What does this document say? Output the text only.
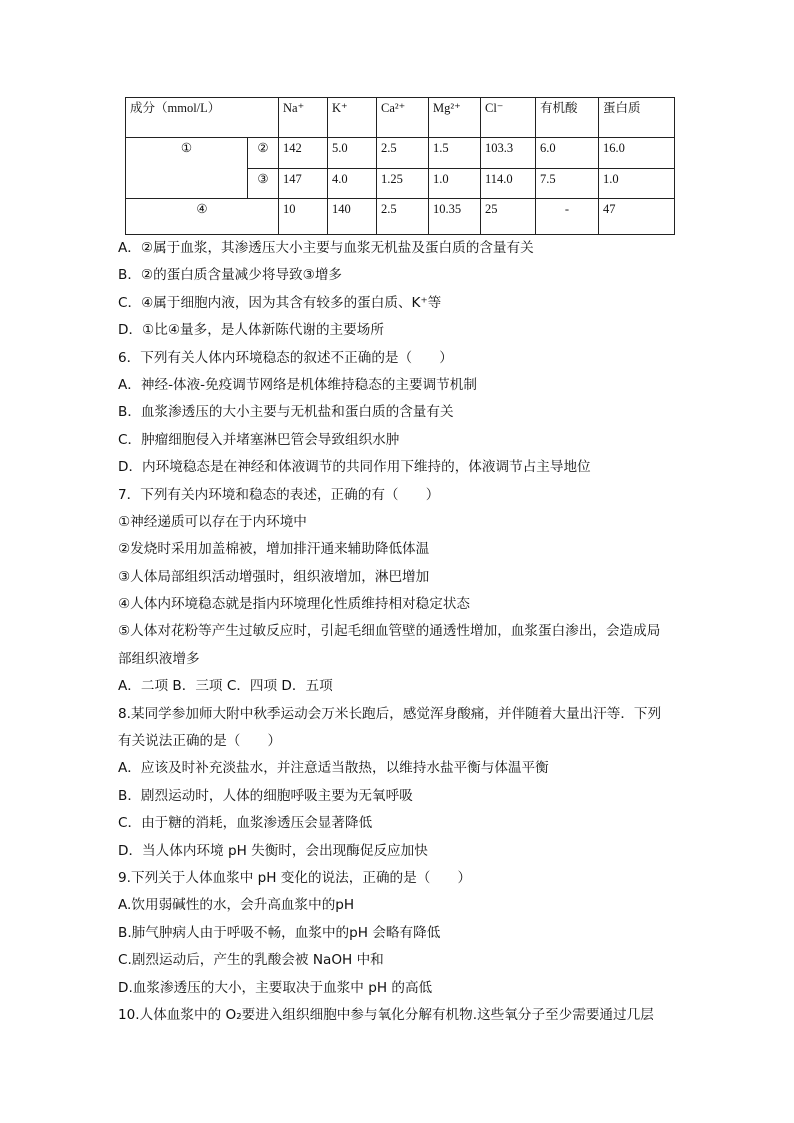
成分（mmol/L）		Na⁺	K⁺	Ca²⁺	Mg²⁺	Cl⁻	有机酸	蛋白质
①	②	142	5.0	2.5	1.5	103.3	6.0	16.0
	③	147	4.0	1.25	1.0	114.0	7.5	1.0
④		10	140	2.5	10.35	25	-	47
A．②属于血浆，其渗透压大小主要与血浆无机盐及蛋白质的含量有关
B．②的蛋白质含量减少将导致③增多
C．④属于细胞内液，因为其含有较多的蛋白质、K⁺等
D．①比④量多，是人体新陈代谢的主要场所
6．下列有关人体内环境稳态的叙述不正确的是（　　）
A．神经-体液-免疫调节网络是机体维持稳态的主要调节机制
B．血浆渗透压的大小主要与无机盐和蛋白质的含量有关
C．肿瘤细胞侵入并堵塞淋巴管会导致组织水肿
D．内环境稳态是在神经和体液调节的共同作用下维持的，体液调节占主导地位
7．下列有关内环境和稳态的表述，正确的有（　　）
①神经递质可以存在于内环境中
②发烧时采用加盖棉被，增加排汗通来辅助降低体温
③人体局部组织活动增强时，组织液增加，淋巴增加
④人体内环境稳态就是指内环境理化性质维持相对稳定状态
⑤人体对花粉等产生过敏反应时，引起毛细血管壁的通透性增加，血浆蛋白渗出，会造成局
部组织液增多
A．二项 B．三项 C．四项 D．五项
8.某同学参加师大附中秋季运动会万米长跑后，感觉浑身酸痛，并伴随着大量出汗等．下列
有关说法正确的是（　　）
A．应该及时补充淡盐水，并注意适当散热，以维持水盐平衡与体温平衡
B．剧烈运动时，人体的细胞呼吸主要为无氧呼吸
C．由于糖的消耗，血浆渗透压会显著降低
D．当人体内环境 pH 失衡时，会出现酶促反应加快
9.下列关于人体血浆中 pH 变化的说法，正确的是（　　）
A.饮用弱碱性的水，会升高血浆中的pH
B.肺气肿病人由于呼吸不畅，血浆中的pH 会略有降低
C.剧烈运动后，产生的乳酸会被 NaOH 中和
D.血浆渗透压的大小，主要取决于血浆中 pH 的高低
10.人体血浆中的 O₂要进入组织细胞中参与氧化分解有机物.这些氧分子至少需要通过几层
